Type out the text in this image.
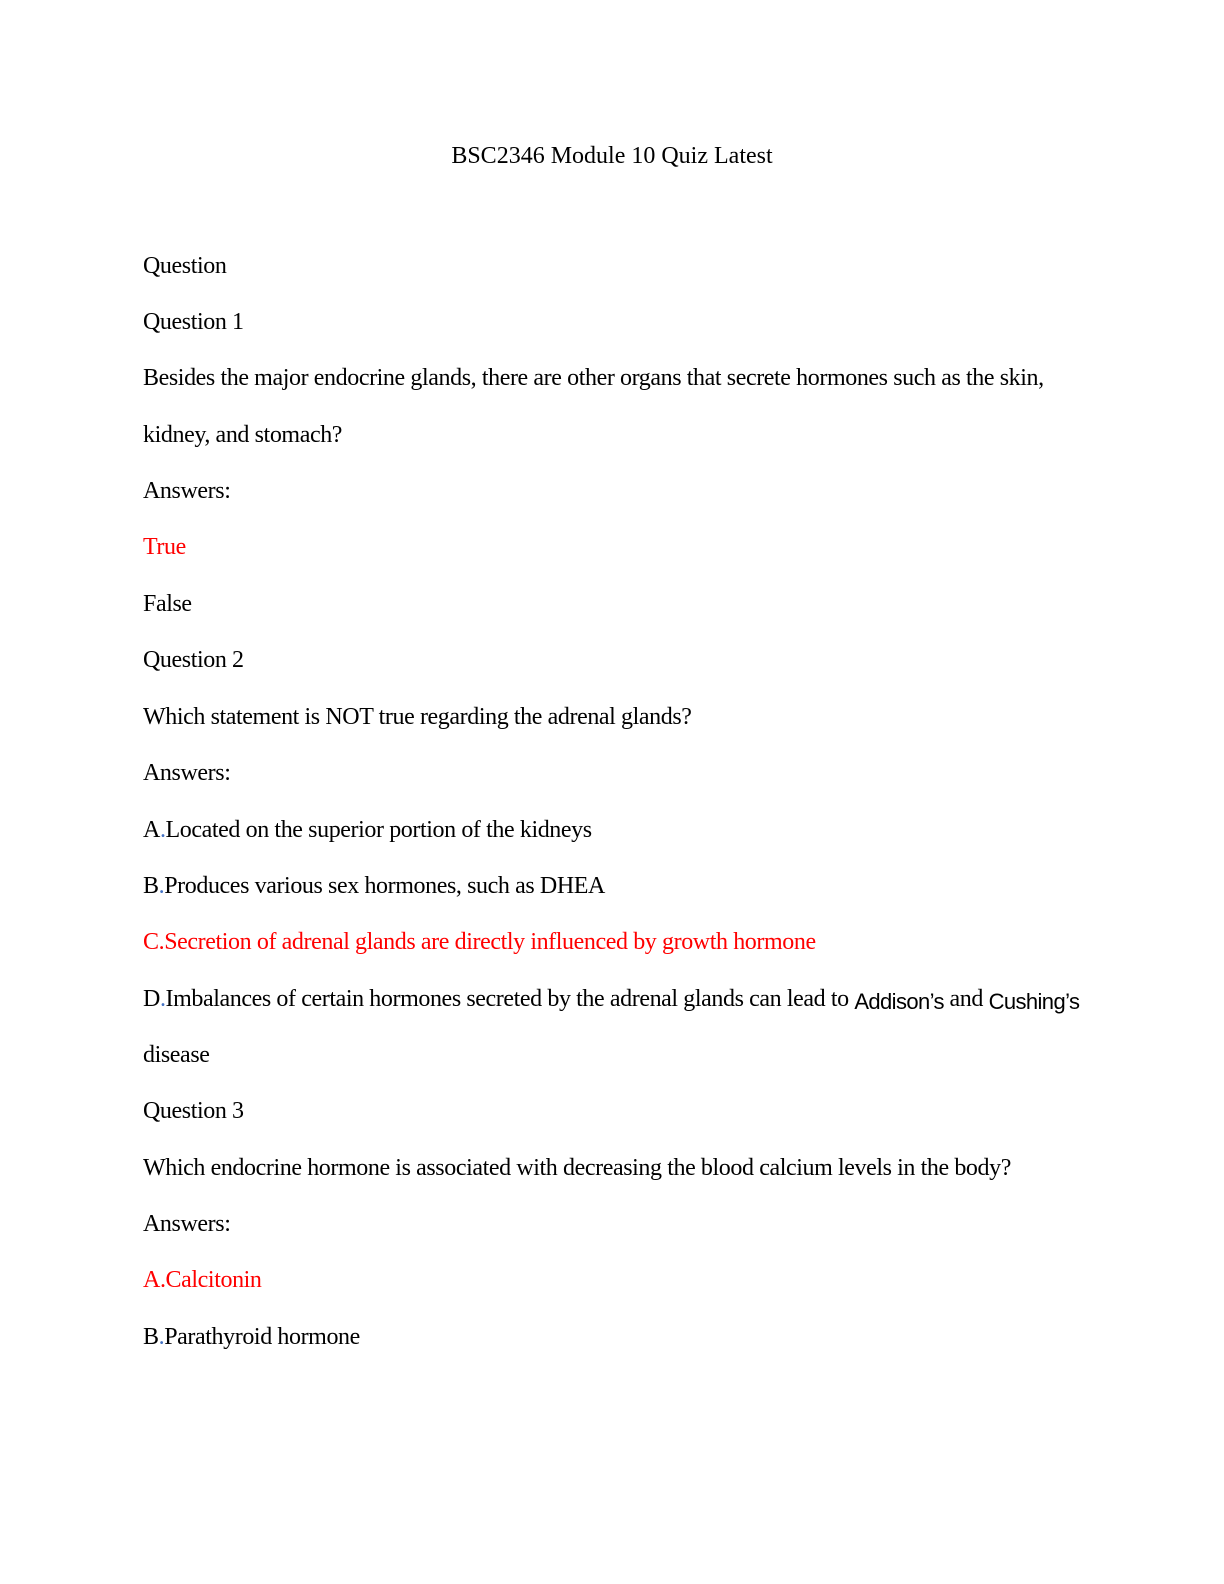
BSC2346 Module 10 Quiz Latest
Question
Question 1
Besides the major endocrine glands, there are other organs that secrete hormones such as the skin,
kidney, and stomach?
Answers:
True
False
Question 2
Which statement is NOT true regarding the adrenal glands?
Answers:
A.Located on the superior portion of the kidneys
B.Produces various sex hormones, such as DHEA
C.Secretion of adrenal glands are directly influenced by growth hormone
D.Imbalances of certain hormones secreted by the adrenal glands can lead to Addison’s and Cushing’s
disease
Question 3
Which endocrine hormone is associated with decreasing the blood calcium levels in the body?
Answers:
A.Calcitonin
B.Parathyroid hormone
